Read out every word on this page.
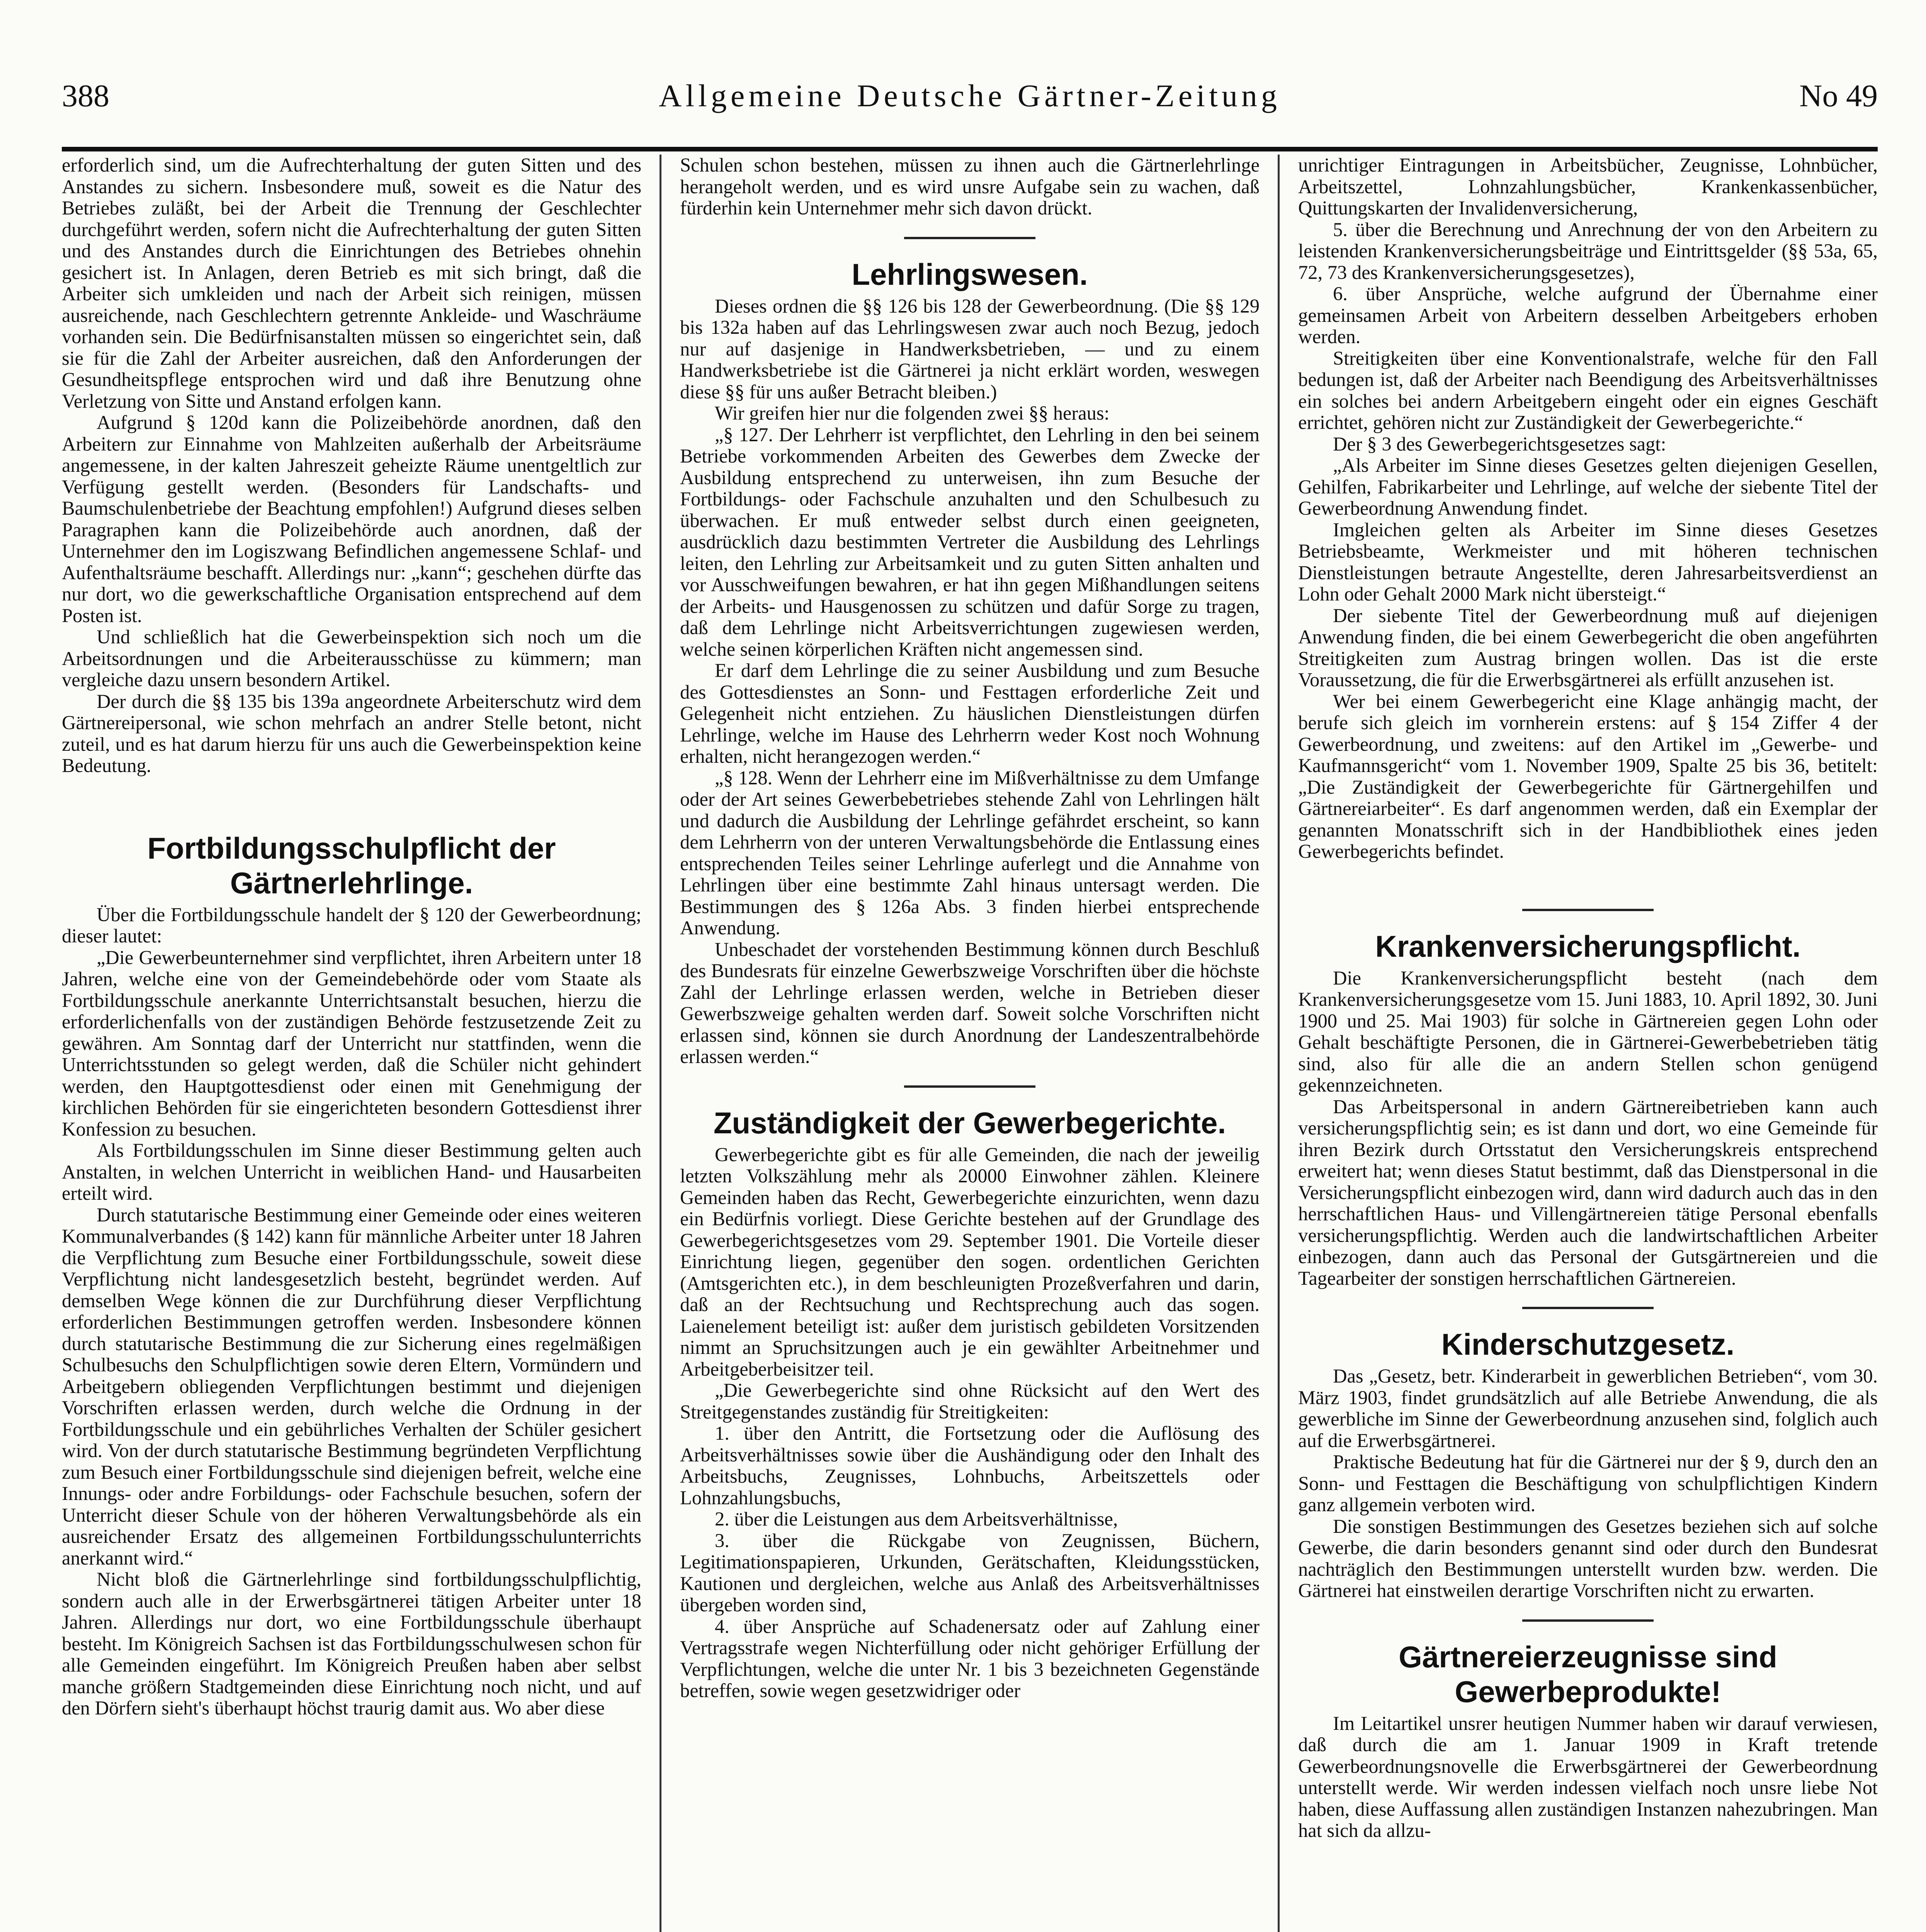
388	Allgemeine Deutsche Gärtner-Zeitung	No 49

erforderlich sind, um die Aufrechterhaltung der guten Sitten und des Anstandes zu sichern. Insbesondere muß, soweit es die Natur des Betriebes zuläßt, bei der Arbeit die Trennung der Geschlechter durchgeführt werden, sofern nicht die Aufrechterhaltung der guten Sitten und des Anstandes durch die Einrichtungen des Betriebes ohnehin gesichert ist. In Anlagen, deren Betrieb es mit sich bringt, daß die Arbeiter sich umkleiden und nach der Arbeit sich reinigen, müssen ausreichende, nach Geschlechtern getrennte Ankleide- und Waschräume vorhanden sein. Die Bedürfnisanstalten müssen so eingerichtet sein, daß sie für die Zahl der Arbeiter ausreichen, daß den Anforderungen der Gesundheitspflege entsprochen wird und daß ihre Benutzung ohne Verletzung von Sitte und Anstand erfolgen kann.

Aufgrund § 120d kann die Polizeibehörde anordnen, daß den Arbeitern zur Einnahme von Mahlzeiten außerhalb der Arbeitsräume angemessene, in der kalten Jahreszeit geheizte Räume unentgeltlich zur Verfügung gestellt werden. (Besonders für Landschafts- und Baumschulenbetriebe der Beachtung empfohlen!) Aufgrund dieses selben Paragraphen kann die Polizeibehörde auch anordnen, daß der Unternehmer den im Logiszwang Befindlichen angemessene Schlaf- und Aufenthaltsräume beschafft. Allerdings nur: „kann“; geschehen dürfte das nur dort, wo die gewerkschaftliche Organisation entsprechend auf dem Posten ist.

Und schließlich hat die Gewerbeinspektion sich noch um die Arbeitsordnungen und die Arbeiterausschüsse zu kümmern; man vergleiche dazu unsern besondern Artikel.

Der durch die §§ 135 bis 139a angeordnete Arbeiterschutz wird dem Gärtnereipersonal, wie schon mehrfach an andrer Stelle betont, nicht zuteil, und es hat darum hierzu für uns auch die Gewerbeinspektion keine Bedeutung.

Fortbildungsschulpflicht der Gärtnerlehrlinge.

Über die Fortbildungsschule handelt der § 120 der Gewerbeordnung; dieser lautet:

„Die Gewerbeunternehmer sind verpflichtet, ihren Arbeitern unter 18 Jahren, welche eine von der Gemeindebehörde oder vom Staate als Fortbildungsschule anerkannte Unterrichtsanstalt besuchen, hierzu die erforderlichenfalls von der zuständigen Behörde festzusetzende Zeit zu gewähren. Am Sonntag darf der Unterricht nur stattfinden, wenn die Unterrichtsstunden so gelegt werden, daß die Schüler nicht gehindert werden, den Hauptgottesdienst oder einen mit Genehmigung der kirchlichen Behörden für sie eingerichteten besondern Gottesdienst ihrer Konfession zu besuchen.

Als Fortbildungsschulen im Sinne dieser Bestimmung gelten auch Anstalten, in welchen Unterricht in weiblichen Hand- und Hausarbeiten erteilt wird.

Durch statutarische Bestimmung einer Gemeinde oder eines weiteren Kommunalverbandes (§ 142) kann für männliche Arbeiter unter 18 Jahren die Verpflichtung zum Besuche einer Fortbildungsschule, soweit diese Verpflichtung nicht landesgesetzlich besteht, begründet werden. Auf demselben Wege können die zur Durchführung dieser Verpflichtung erforderlichen Bestimmungen getroffen werden. Insbesondere können durch statutarische Bestimmung die zur Sicherung eines regelmäßigen Schulbesuchs den Schulpflichtigen sowie deren Eltern, Vormündern und Arbeitgebern obliegenden Verpflichtungen bestimmt und diejenigen Vorschriften erlassen werden, durch welche die Ordnung in der Fortbildungsschule und ein gebührliches Verhalten der Schüler gesichert wird. Von der durch statutarische Bestimmung begründeten Verpflichtung zum Besuch einer Fortbildungsschule sind diejenigen befreit, welche eine Innungs- oder andre Forbildungs- oder Fachschule besuchen, sofern der Unterricht dieser Schule von der höheren Verwaltungsbehörde als ein ausreichender Ersatz des allgemeinen Fortbildungsschulunterrichts anerkannt wird.“

Nicht bloß die Gärtnerlehrlinge sind fortbildungsschulpflichtig, sondern auch alle in der Erwerbsgärtnerei tätigen Arbeiter unter 18 Jahren. Allerdings nur dort, wo eine Fortbildungsschule überhaupt besteht. Im Königreich Sachsen ist das Fortbildungsschulwesen schon für alle Gemeinden eingeführt. Im Königreich Preußen haben aber selbst manche größern Stadtgemeinden diese Einrichtung noch nicht, und auf den Dörfern sieht's überhaupt höchst traurig damit aus. Wo aber diese

Schulen schon bestehen, müssen zu ihnen auch die Gärtnerlehrlinge herangeholt werden, und es wird unsre Aufgabe sein zu wachen, daß fürderhin kein Unternehmer mehr sich davon drückt.

Lehrlingswesen.

Dieses ordnen die §§ 126 bis 128 der Gewerbeordnung. (Die §§ 129 bis 132a haben auf das Lehrlingswesen zwar auch noch Bezug, jedoch nur auf dasjenige in Handwerksbetrieben, — und zu einem Handwerksbetriebe ist die Gärtnerei ja nicht erklärt worden, weswegen diese §§ für uns außer Betracht bleiben.)

Wir greifen hier nur die folgenden zwei §§ heraus:

„§ 127. Der Lehrherr ist verpflichtet, den Lehrling in den bei seinem Betriebe vorkommenden Arbeiten des Gewerbes dem Zwecke der Ausbildung entsprechend zu unterweisen, ihn zum Besuche der Fortbildungs- oder Fachschule anzuhalten und den Schulbesuch zu überwachen. Er muß entweder selbst durch einen geeigneten, ausdrücklich dazu bestimmten Vertreter die Ausbildung des Lehrlings leiten, den Lehrling zur Arbeitsamkeit und zu guten Sitten anhalten und vor Ausschweifungen bewahren, er hat ihn gegen Mißhandlungen seitens der Arbeits- und Hausgenossen zu schützen und dafür Sorge zu tragen, daß dem Lehrlinge nicht Arbeitsverrichtungen zugewiesen werden, welche seinen körperlichen Kräften nicht angemessen sind.

Er darf dem Lehrlinge die zu seiner Ausbildung und zum Besuche des Gottesdienstes an Sonn- und Festtagen erforderliche Zeit und Gelegenheit nicht entziehen. Zu häuslichen Dienstleistungen dürfen Lehrlinge, welche im Hause des Lehrherrn weder Kost noch Wohnung erhalten, nicht herangezogen werden.“

„§ 128. Wenn der Lehrherr eine im Mißverhältnisse zu dem Umfange oder der Art seines Gewerbebetriebes stehende Zahl von Lehrlingen hält und dadurch die Ausbildung der Lehrlinge gefährdet erscheint, so kann dem Lehrherrn von der unteren Verwaltungsbehörde die Entlassung eines entsprechenden Teiles seiner Lehrlinge auferlegt und die Annahme von Lehrlingen über eine bestimmte Zahl hinaus untersagt werden. Die Bestimmungen des § 126a Abs. 3 finden hierbei entsprechende Anwendung.

Unbeschadet der vorstehenden Bestimmung können durch Beschluß des Bundesrats für einzelne Gewerbszweige Vorschriften über die höchste Zahl der Lehrlinge erlassen werden, welche in Betrieben dieser Gewerbszweige gehalten werden darf. Soweit solche Vorschriften nicht erlassen sind, können sie durch Anordnung der Landeszentralbehörde erlassen werden.“

Zuständigkeit der Gewerbegerichte.

Gewerbegerichte gibt es für alle Gemeinden, die nach der jeweilig letzten Volkszählung mehr als 20000 Einwohner zählen. Kleinere Gemeinden haben das Recht, Gewerbegerichte einzurichten, wenn dazu ein Bedürfnis vorliegt. Diese Gerichte bestehen auf der Grundlage des Gewerbegerichtsgesetzes vom 29. September 1901. Die Vorteile dieser Einrichtung liegen, gegenüber den sogen. ordentlichen Gerichten (Amtsgerichten etc.), in dem beschleunigten Prozeßverfahren und darin, daß an der Rechtsuchung und Rechtsprechung auch das sogen. Laienelement beteiligt ist: außer dem juristisch gebildeten Vorsitzenden nimmt an Spruchsitzungen auch je ein gewählter Arbeitnehmer und Arbeitgeberbeisitzer teil.

„Die Gewerbegerichte sind ohne Rücksicht auf den Wert des Streitgegenstandes zuständig für Streitigkeiten:

1. über den Antritt, die Fortsetzung oder die Auflösung des Arbeitsverhältnisses sowie über die Aushändigung oder den Inhalt des Arbeitsbuchs, Zeugnisses, Lohnbuchs, Arbeitszettels oder Lohnzahlungsbuchs,

2. über die Leistungen aus dem Arbeitsverhältnisse,

3. über die Rückgabe von Zeugnissen, Büchern, Legitimationspapieren, Urkunden, Gerätschaften, Kleidungsstücken, Kautionen und dergleichen, welche aus Anlaß des Arbeitsverhältnisses übergeben worden sind,

4. über Ansprüche auf Schadenersatz oder auf Zahlung einer Vertragsstrafe wegen Nichterfüllung oder nicht gehöriger Erfüllung der Verpflichtungen, welche die unter Nr. 1 bis 3 bezeichneten Gegenstände betreffen, sowie wegen gesetzwidriger oder

unrichtiger Eintragungen in Arbeitsbücher, Zeugnisse, Lohnbücher, Arbeitszettel, Lohnzahlungsbücher, Krankenkassenbücher, Quittungskarten der Invalidenversicherung,

5. über die Berechnung und Anrechnung der von den Arbeitern zu leistenden Krankenversicherungsbeiträge und Eintrittsgelder (§§ 53a, 65, 72, 73 des Krankenversicherungsgesetzes),

6. über Ansprüche, welche aufgrund der Übernahme einer gemeinsamen Arbeit von Arbeitern desselben Arbeitgebers erhoben werden.

Streitigkeiten über eine Konventionalstrafe, welche für den Fall bedungen ist, daß der Arbeiter nach Beendigung des Arbeitsverhältnisses ein solches bei andern Arbeitgebern eingeht oder ein eignes Geschäft errichtet, gehören nicht zur Zuständigkeit der Gewerbegerichte.“

Der § 3 des Gewerbegerichtsgesetzes sagt:

„Als Arbeiter im Sinne dieses Gesetzes gelten diejenigen Gesellen, Gehilfen, Fabrikarbeiter und Lehrlinge, auf welche der siebente Titel der Gewerbeordnung Anwendung findet.

Imgleichen gelten als Arbeiter im Sinne dieses Gesetzes Betriebsbeamte, Werkmeister und mit höheren technischen Dienstleistungen betraute Angestellte, deren Jahresarbeitsverdienst an Lohn oder Gehalt 2000 Mark nicht übersteigt.“

Der siebente Titel der Gewerbeordnung muß auf diejenigen Anwendung finden, die bei einem Gewerbegericht die oben angeführten Streitigkeiten zum Austrag bringen wollen. Das ist die erste Voraussetzung, die für die Erwerbsgärtnerei als erfüllt anzusehen ist.

Wer bei einem Gewerbegericht eine Klage anhängig macht, der berufe sich gleich im vornherein erstens: auf § 154 Ziffer 4 der Gewerbeordnung, und zweitens: auf den Artikel im „Gewerbe- und Kaufmannsgericht“ vom 1. November 1909, Spalte 25 bis 36, betitelt: „Die Zuständigkeit der Gewerbegerichte für Gärtnergehilfen und Gärtnereiarbeiter“. Es darf angenommen werden, daß ein Exemplar der genannten Monatsschrift sich in der Handbibliothek eines jeden Gewerbegerichts befindet.

Krankenversicherungspflicht.

Die Krankenversicherungspflicht besteht (nach dem Krankenversicherungsgesetze vom 15. Juni 1883, 10. April 1892, 30. Juni 1900 und 25. Mai 1903) für solche in Gärtnereien gegen Lohn oder Gehalt beschäftigte Personen, die in Gärtnerei-Gewerbebetrieben tätig sind, also für alle die an andern Stellen schon genügend gekennzeichneten.

Das Arbeitspersonal in andern Gärtnereibetrieben kann auch versicherungspflichtig sein; es ist dann und dort, wo eine Gemeinde für ihren Bezirk durch Ortsstatut den Versicherungskreis entsprechend erweitert hat; wenn dieses Statut bestimmt, daß das Dienstpersonal in die Versicherungspflicht einbezogen wird, dann wird dadurch auch das in den herrschaftlichen Haus- und Villengärtnereien tätige Personal ebenfalls versicherungspflichtig. Werden auch die landwirtschaftlichen Arbeiter einbezogen, dann auch das Personal der Gutsgärtnereien und die Tagearbeiter der sonstigen herrschaftlichen Gärtnereien.

Kinderschutzgesetz.

Das „Gesetz, betr. Kinderarbeit in gewerblichen Betrieben“, vom 30. März 1903, findet grundsätzlich auf alle Betriebe Anwendung, die als gewerbliche im Sinne der Gewerbeordnung anzusehen sind, folglich auch auf die Erwerbsgärtnerei.

Praktische Bedeutung hat für die Gärtnerei nur der § 9, durch den an Sonn- und Festtagen die Beschäftigung von schulpflichtigen Kindern ganz allgemein verboten wird.

Die sonstigen Bestimmungen des Gesetzes beziehen sich auf solche Gewerbe, die darin besonders genannt sind oder durch den Bundesrat nachträglich den Bestimmungen unterstellt wurden bzw. werden. Die Gärtnerei hat einstweilen derartige Vorschriften nicht zu erwarten.

Gärtnereierzeugnisse sind Gewerbeprodukte!

Im Leitartikel unsrer heutigen Nummer haben wir darauf verwiesen, daß durch die am 1. Januar 1909 in Kraft tretende Gewerbeordnungsnovelle die Erwerbsgärtnerei der Gewerbeordnung unterstellt werde. Wir werden indessen vielfach noch unsre liebe Not haben, diese Auffassung allen zuständigen Instanzen nahezubringen. Man hat sich da allzu-
